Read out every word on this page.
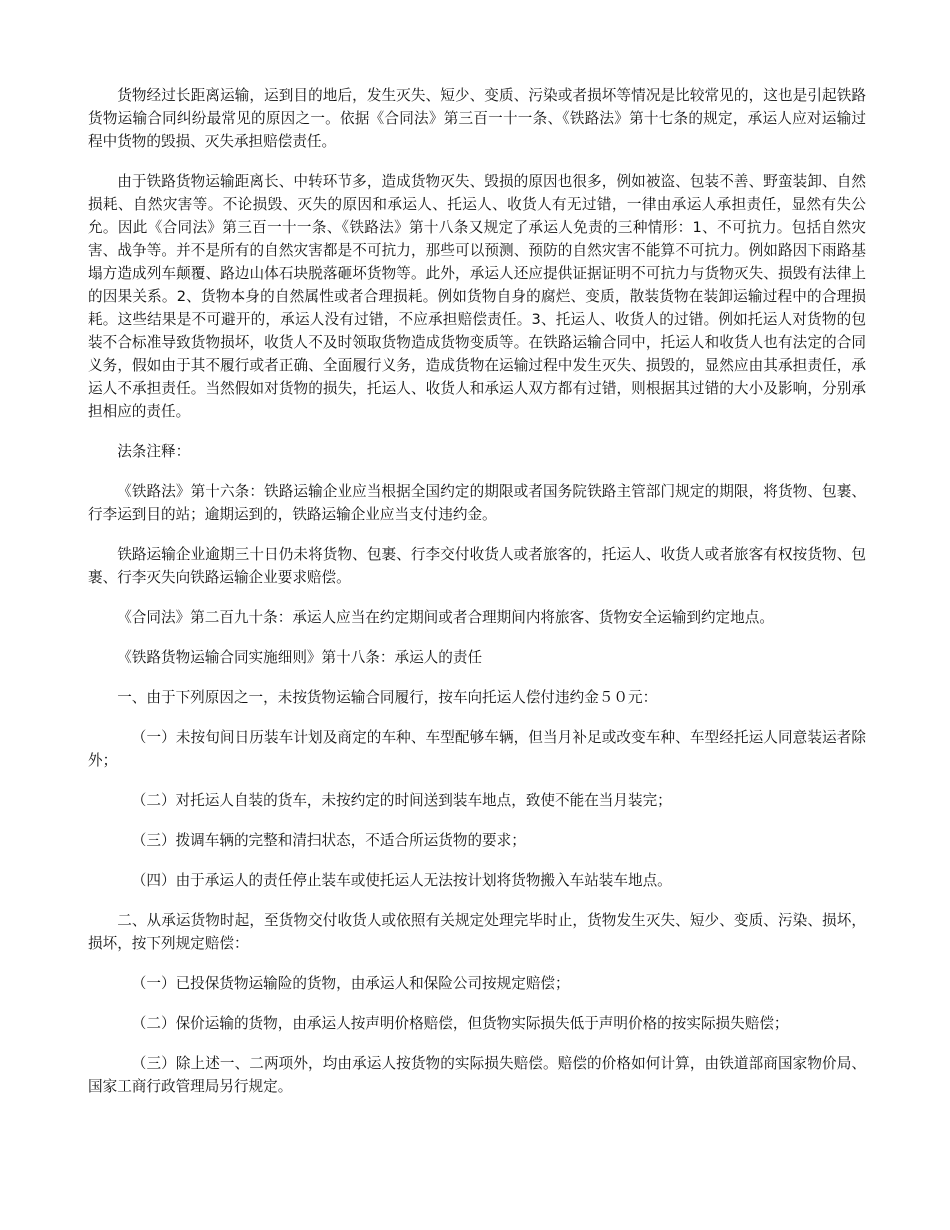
货物经过长距离运输，运到目的地后，发生灭失、短少、变质、污染或者损坏等情况是比较常见的，这也是引起铁路货物运输合同纠纷最常见的原因之一。依据《合同法》第三百一十一条、《铁路法》第十七条的规定，承运人应对运输过程中货物的毁损、灭失承担赔偿责任。

由于铁路货物运输距离长、中转环节多，造成货物灭失、毁损的原因也很多，例如被盗、包装不善、野蛮装卸、自然损耗、自然灾害等。不论损毁、灭失的原因和承运人、托运人、收货人有无过错，一律由承运人承担责任，显然有失公允。因此《合同法》第三百一十一条、《铁路法》第十八条又规定了承运人免责的三种情形：1、不可抗力。包括自然灾害、战争等。并不是所有的自然灾害都是不可抗力，那些可以预测、预防的自然灾害不能算不可抗力。例如路因下雨路基塌方造成列车颠覆、路边山体石块脱落砸坏货物等。此外，承运人还应提供证据证明不可抗力与货物灭失、损毁有法律上的因果关系。2、货物本身的自然属性或者合理损耗。例如货物自身的腐烂、变质，散装货物在装卸运输过程中的合理损耗。这些结果是不可避开的，承运人没有过错，不应承担赔偿责任。3、托运人、收货人的过错。例如托运人对货物的包装不合标准导致货物损坏，收货人不及时领取货物造成货物变质等。在铁路运输合同中，托运人和收货人也有法定的合同义务，假如由于其不履行或者正确、全面履行义务，造成货物在运输过程中发生灭失、损毁的，显然应由其承担责任，承运人不承担责任。当然假如对货物的损失，托运人、收货人和承运人双方都有过错，则根据其过错的大小及影响，分别承担相应的责任。

法条注释：

《铁路法》第十六条：铁路运输企业应当根据全国约定的期限或者国务院铁路主管部门规定的期限，将货物、包裹、行李运到目的站；逾期运到的，铁路运输企业应当支付违约金。

铁路运输企业逾期三十日仍未将货物、包裹、行李交付收货人或者旅客的，托运人、收货人或者旅客有权按货物、包裹、行李灭失向铁路运输企业要求赔偿。

《合同法》第二百九十条：承运人应当在约定期间或者合理期间内将旅客、货物安全运输到约定地点。

《铁路货物运输合同实施细则》第十八条：承运人的责任

一、由于下列原因之一，未按货物运输合同履行，按车向托运人偿付违约金５０元：

（一）未按旬间日历装车计划及商定的车种、车型配够车辆，但当月补足或改变车种、车型经托运人同意装运者除外；

（二）对托运人自装的货车，未按约定的时间送到装车地点，致使不能在当月装完；

（三）拨调车辆的完整和清扫状态，不适合所运货物的要求；

（四）由于承运人的责任停止装车或使托运人无法按计划将货物搬入车站装车地点。

二、从承运货物时起，至货物交付收货人或依照有关规定处理完毕时止，货物发生灭失、短少、变质、污染、损坏，损坏，按下列规定赔偿：

（一）已投保货物运输险的货物，由承运人和保险公司按规定赔偿；

（二）保价运输的货物，由承运人按声明价格赔偿，但货物实际损失低于声明价格的按实际损失赔偿；

（三）除上述一、二两项外，均由承运人按货物的实际损失赔偿。赔偿的价格如何计算，由铁道部商国家物价局、国家工商行政管理局另行规定。
